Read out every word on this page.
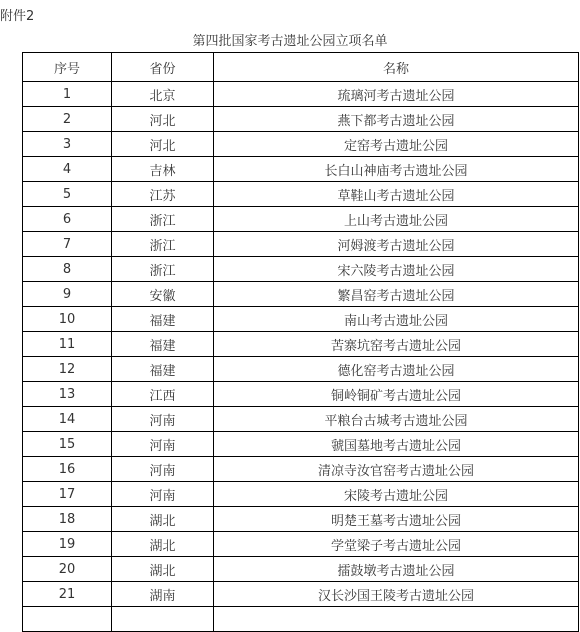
附件2
第四批国家考古遗址公园立项名单
序号	省份	名称
1	北京	琉璃河考古遗址公园
2	河北	燕下都考古遗址公园
3	河北	定窑考古遗址公园
4	吉林	长白山神庙考古遗址公园
5	江苏	草鞋山考古遗址公园
6	浙江	上山考古遗址公园
7	浙江	河姆渡考古遗址公园
8	浙江	宋六陵考古遗址公园
9	安徽	繁昌窑考古遗址公园
10	福建	南山考古遗址公园
11	福建	苦寨坑窑考古遗址公园
12	福建	德化窑考古遗址公园
13	江西	铜岭铜矿考古遗址公园
14	河南	平粮台古城考古遗址公园
15	河南	虢国墓地考古遗址公园
16	河南	清凉寺汝官窑考古遗址公园
17	河南	宋陵考古遗址公园
18	湖北	明楚王墓考古遗址公园
19	湖北	学堂梁子考古遗址公园
20	湖北	擂鼓墩考古遗址公园
21	湖南	汉长沙国王陵考古遗址公园
